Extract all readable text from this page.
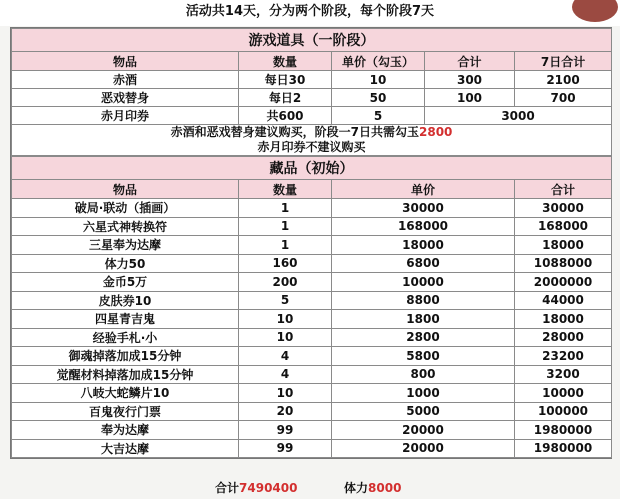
活动共14天，分为两个阶段，每个阶段7天
游戏道具（一阶段）				
物品	数量	单价（勾玉）	合计	7日合计
赤酒	每日30	10	300	2100
恶戏替身	每日2	50	100	700
赤月印券	共600	5	3000	
赤酒和恶戏替身建议购买，阶段一7日共需勾玉2800
赤月印券不建议购买				
藏品（初始）			
物品	数量	单价	合计
破局·联动（插画）	1	30000	30000
六星式神转换符	1	168000	168000
三星奉为达摩	1	18000	18000
体力50	160	6800	1088000
金币5万	200	10000	2000000
皮肤券10	5	8800	44000
四星青吉鬼	10	1800	18000
经验手札·小	10	2800	28000
御魂掉落加成15分钟	4	5800	23200
觉醒材料掉落加成15分钟	4	800	3200
八岐大蛇鳞片10	10	1000	10000
百鬼夜行门票	20	5000	100000
奉为达摩	99	20000	1980000
大吉达摩	99	20000	1980000
合计7490400	体力8000
